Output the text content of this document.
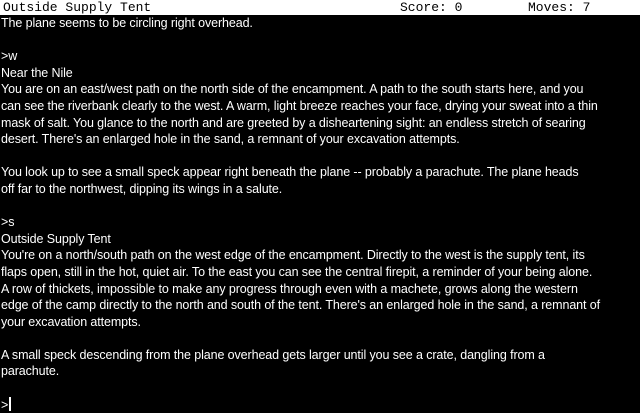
Outside Supply Tent

	Score: 0

	Moves: 7

The plane seems to be circling right overhead.
>w
Near the Nile
You are on an east/west path on the north side of the encampment. A path to the south starts here, and you
can see the riverbank clearly to the west. A warm, light breeze reaches your face, drying your sweat into a thin
mask of salt. You glance to the north and are greeted by a disheartening sight: an endless stretch of searing
desert. There's an enlarged hole in the sand, a remnant of your excavation attempts.
You look up to see a small speck appear right beneath the plane -- probably a parachute. The plane heads
off far to the northwest, dipping its wings in a salute.
>s
Outside Supply Tent
You're on a north/south path on the west edge of the encampment. Directly to the west is the supply tent, its
flaps open, still in the hot, quiet air. To the east you can see the central firepit, a reminder of your being alone.
A row of thickets, impossible to make any progress through even with a machete, grows along the western
edge of the camp directly to the north and south of the tent. There's an enlarged hole in the sand, a remnant of
your excavation attempts.
A small speck descending from the plane overhead gets larger until you see a crate, dangling from a
parachute.
>
